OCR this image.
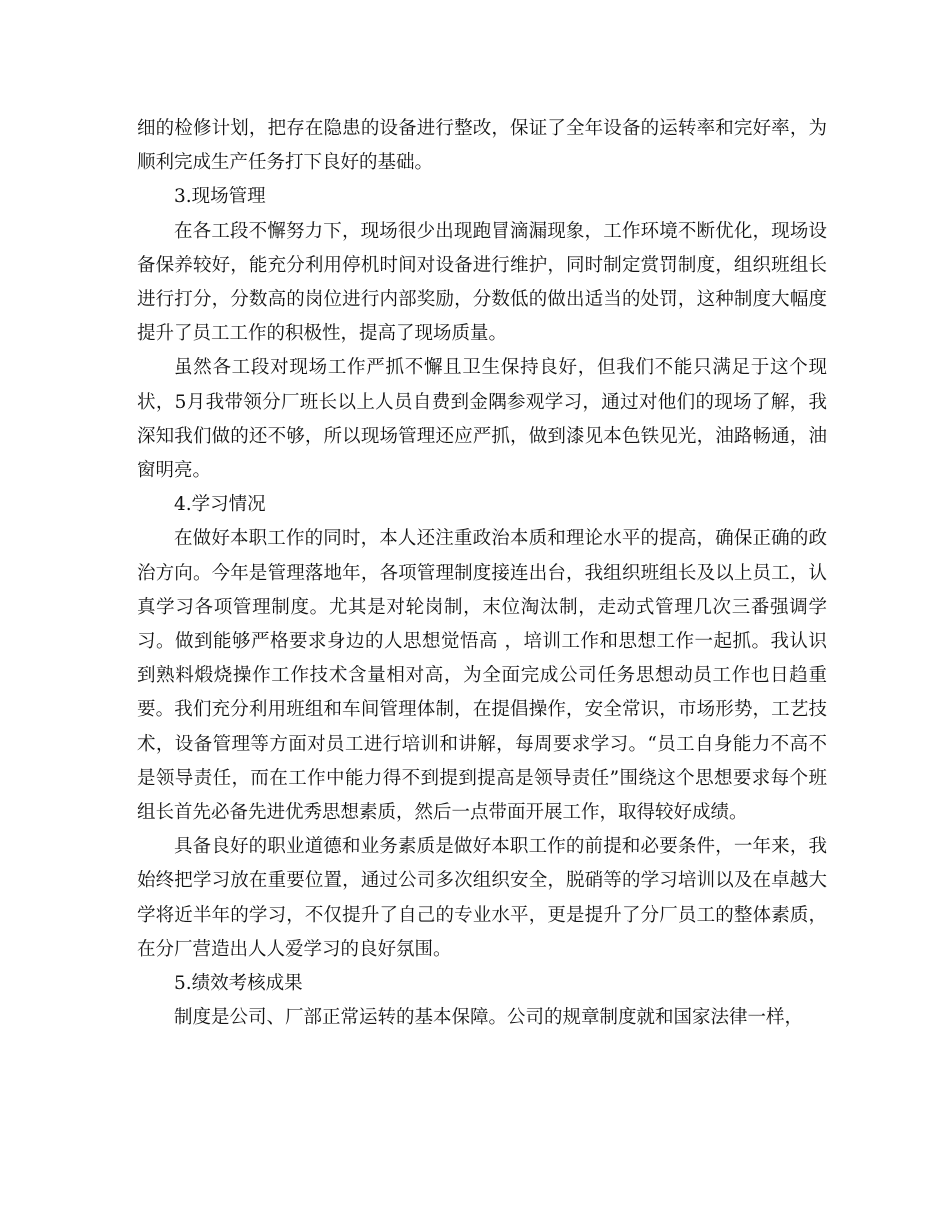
细的检修计划，把存在隐患的设备进行整改，保证了全年设备的运转率和完好率，为顺利完成生产任务打下良好的基础。

3.现场管理

在各工段不懈努力下，现场很少出现跑冒滴漏现象，工作环境不断优化，现场设备保养较好，能充分利用停机时间对设备进行维护，同时制定赏罚制度，组织班组长进行打分，分数高的岗位进行内部奖励，分数低的做出适当的处罚，这种制度大幅度提升了员工工作的积极性，提高了现场质量。

虽然各工段对现场工作严抓不懈且卫生保持良好，但我们不能只满足于这个现状，5月我带领分厂班长以上人员自费到金隅参观学习，通过对他们的现场了解，我深知我们做的还不够，所以现场管理还应严抓，做到漆见本色铁见光，油路畅通，油窗明亮。

4.学习情况

在做好本职工作的同时，本人还注重政治本质和理论水平的提高，确保正确的政治方向。今年是管理落地年，各项管理制度接连出台，我组织班组长及以上员工，认真学习各项管理制度。尤其是对轮岗制，末位淘汰制，走动式管理几次三番强调学习。做到能够严格要求身边的人思想觉悟高 ，培训工作和思想工作一起抓。我认识到熟料煅烧操作工作技术含量相对高，为全面完成公司任务思想动员工作也日趋重要。我们充分利用班组和车间管理体制，在提倡操作，安全常识，市场形势，工艺技术，设备管理等方面对员工进行培训和讲解，每周要求学习。“员工自身能力不高不是领导责任，而在工作中能力得不到提到提高是领导责任”围绕这个思想要求每个班组长首先必备先进优秀思想素质，然后一点带面开展工作，取得较好成绩。

具备良好的职业道德和业务素质是做好本职工作的前提和必要条件，一年来，我始终把学习放在重要位置，通过公司多次组织安全，脱硝等的学习培训以及在卓越大学将近半年的学习，不仅提升了自己的专业水平，更是提升了分厂员工的整体素质，在分厂营造出人人爱学习的良好氛围。

5.绩效考核成果

制度是公司、厂部正常运转的基本保障。公司的规章制度就和国家法律一样，
